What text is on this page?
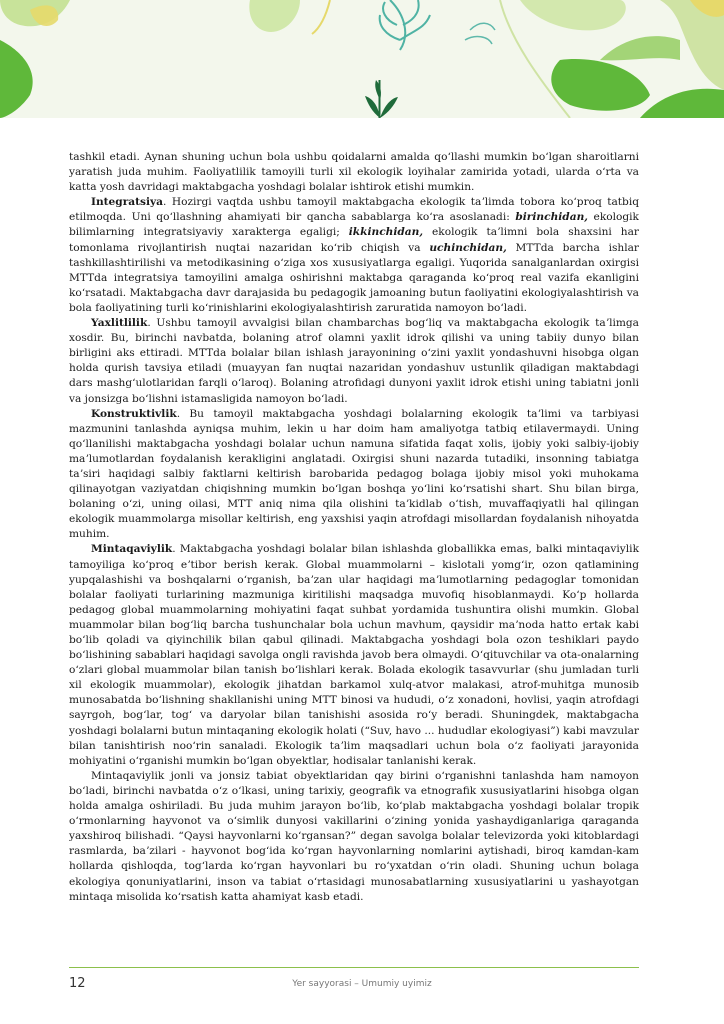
tashkil etadi. Aynan shuning uchun bola ushbu qoidalarni amalda qoʻllashi mumkin boʻlgan sharoitlarni yaratish juda muhim. Faoliyatlilik tamoyili turli xil ekologik loyihalar zamirida yotadi, ularda oʻrta va katta yosh davridagi maktabgacha yoshdagi bolalar ishtirok etishi mumkin.

Integratsiya. Hozirgi vaqtda ushbu tamoyil maktabgacha ekologik taʼlimda tobora koʻproq tatbiq etilmoqda. Uni qoʻllashning ahamiyati bir qancha sabablarga koʻra asoslanadi: birinchidan, ekologik bilimlarning integratsiyaviy xarakterga egaligi; ikkinchidan, ekologik taʼlimni bola shaxsini har tomonlama rivojlantirish nuqtai nazaridan koʻrib chiqish va uchinchidan, MTTda barcha ishlar tashkillashtirilishi va metodikasining oʻziga xos xususiyatlarga egaligi. Yuqorida sanalganlardan oxirgisi MTTda integratsiya tamoyilini amalga oshirishni maktabga qaraganda koʻproq real vazifa ekanligini koʻrsatadi. Maktabgacha davr darajasida bu pedagogik jamoaning butun faoliyatini ekologiyalashtirish va bola faoliyatining turli koʻrinishlarini ekologiyalashtirish zaruratida namoyon boʻladi.

Yaxlitlilik. Ushbu tamoyil avvalgisi bilan chambarchas bogʻliq va maktabgacha ekologik taʼlimga xosdir. Bu, birinchi navbatda, bolaning atrof olamni yaxlit idrok qilishi va uning tabiiy dunyo bilan birligini aks ettiradi. MTTda bolalar bilan ishlash jarayonining oʻzini yaxlit yondashuvni hisobga olgan holda qurish tavsiya etiladi (muayyan fan nuqtai nazaridan yondashuv ustunlik qiladigan maktabdagi dars mashgʻulotlaridan farqli oʻlaroq). Bolaning atrofidagi dunyoni yaxlit idrok etishi uning tabiatni jonli va jonsizga boʻlishni istamasligida namoyon boʻladi.

Konstruktivlik. Bu tamoyil maktabgacha yoshdagi bolalarning ekologik taʼlimi va tarbiyasi mazmunini tanlashda ayniqsa muhim, lekin u har doim ham amaliyotga tatbiq etilavermaydi. Uning qoʻllanilishi maktabgacha yoshdagi bolalar uchun namuna sifatida faqat xolis, ijobiy yoki salbiy-ijobiy maʼlumotlardan foydalanish kerakligini anglatadi. Oxirgisi shuni nazarda tutadiki, insonning tabiatga taʼsiri haqidagi salbiy faktlarni keltirish barobarida pedagog bolaga ijobiy misol yoki muhokama qilinayotgan vaziyatdan chiqishning mumkin boʻlgan boshqa yoʻlini koʻrsatishi shart. Shu bilan birga, bolaning oʻzi, uning oilasi, MTT aniq nima qila olishini taʼkidlab oʻtish, muvaffaqiyatli hal qilingan ekologik muammolarga misollar keltirish, eng yaxshisi yaqin atrofdagi misollardan foydalanish nihoyatda muhim.

Mintaqaviylik. Maktabgacha yoshdagi bolalar bilan ishlashda globallikka emas, balki mintaqaviylik tamoyiliga koʻproq eʼtibor berish kerak. Global muammolarni – kislotali yomgʻir, ozon qatlamining yupqalashishi va boshqalarni oʻrganish, baʼzan ular haqidagi maʼlumotlarning pedagoglar tomonidan bolalar faoliyati turlarining mazmuniga kiritilishi maqsadga muvofiq hisoblanmaydi. Koʻp hollarda pedagog global muammolarning mohiyatini faqat suhbat yordamida tushuntira olishi mumkin. Global muammolar bilan bogʻliq barcha tushunchalar bola uchun mavhum, qaysidir maʼnoda hatto ertak kabi boʻlib qoladi va qiyinchilik bilan qabul qilinadi. Maktabgacha yoshdagi bola ozon teshiklari paydo boʻlishining sabablari haqidagi savolga ongli ravishda javob bera olmaydi. Oʻqituvchilar va ota-onalarning oʻzlari global muammolar bilan tanish boʻlishlari kerak. Bolada ekologik tasavvurlar (shu jumladan turli xil ekologik muammolar), ekologik jihatdan barkamol xulq-atvor malakasi, atrof-muhitga munosib munosabatda boʻlishning shakllanishi uning MTT binosi va hududi, oʻz xonadoni, hovlisi, yaqin atrofdagi sayrgoh, bogʻlar, togʻ va daryolar bilan tanishishi asosida roʻy beradi. Shuningdek, maktabgacha yoshdagi bolalarni butun mintaqaning ekologik holati (“Suv, havo ... hududlar ekologiyasi”) kabi mavzular bilan tanishtirish nooʻrin sanaladi. Ekologik taʼlim maqsadlari uchun bola oʻz faoliyati jarayonida mohiyatini oʻrganishi mumkin boʻlgan obyektlar, hodisalar tanlanishi kerak.

Mintaqaviylik jonli va jonsiz tabiat obyektlaridan qay birini oʻrganishni tanlashda ham namoyon boʻladi, birinchi navbatda oʻz oʻlkasi, uning tarixiy, geografik va etnografik xususiyatlarini hisobga olgan holda amalga oshiriladi. Bu juda muhim jarayon boʻlib, koʻplab maktabgacha yoshdagi bolalar tropik oʻrmonlarning hayvonot va oʻsimlik dunyosi vakillarini oʻzining yonida yashaydiganlariga qaraganda yaxshiroq bilishadi. “Qaysi hayvonlarni koʻrgansan?” degan savolga bolalar televizorda yoki kitoblardagi rasmlarda, baʼzilari - hayvonot bogʻida koʻrgan hayvonlarning nomlarini aytishadi, biroq kamdan-kam hollarda qishloqda, togʻlarda koʻrgan hayvonlari bu roʻyxatdan oʻrin oladi. Shuning uchun bolaga ekologiya qonuniyatlarini, inson va tabiat oʻrtasidagi munosabatlarning xususiyatlarini u yashayotgan mintaqa misolida koʻrsatish katta ahamiyat kasb etadi.

12	Yer sayyorasi – Umumiy uyimiz
